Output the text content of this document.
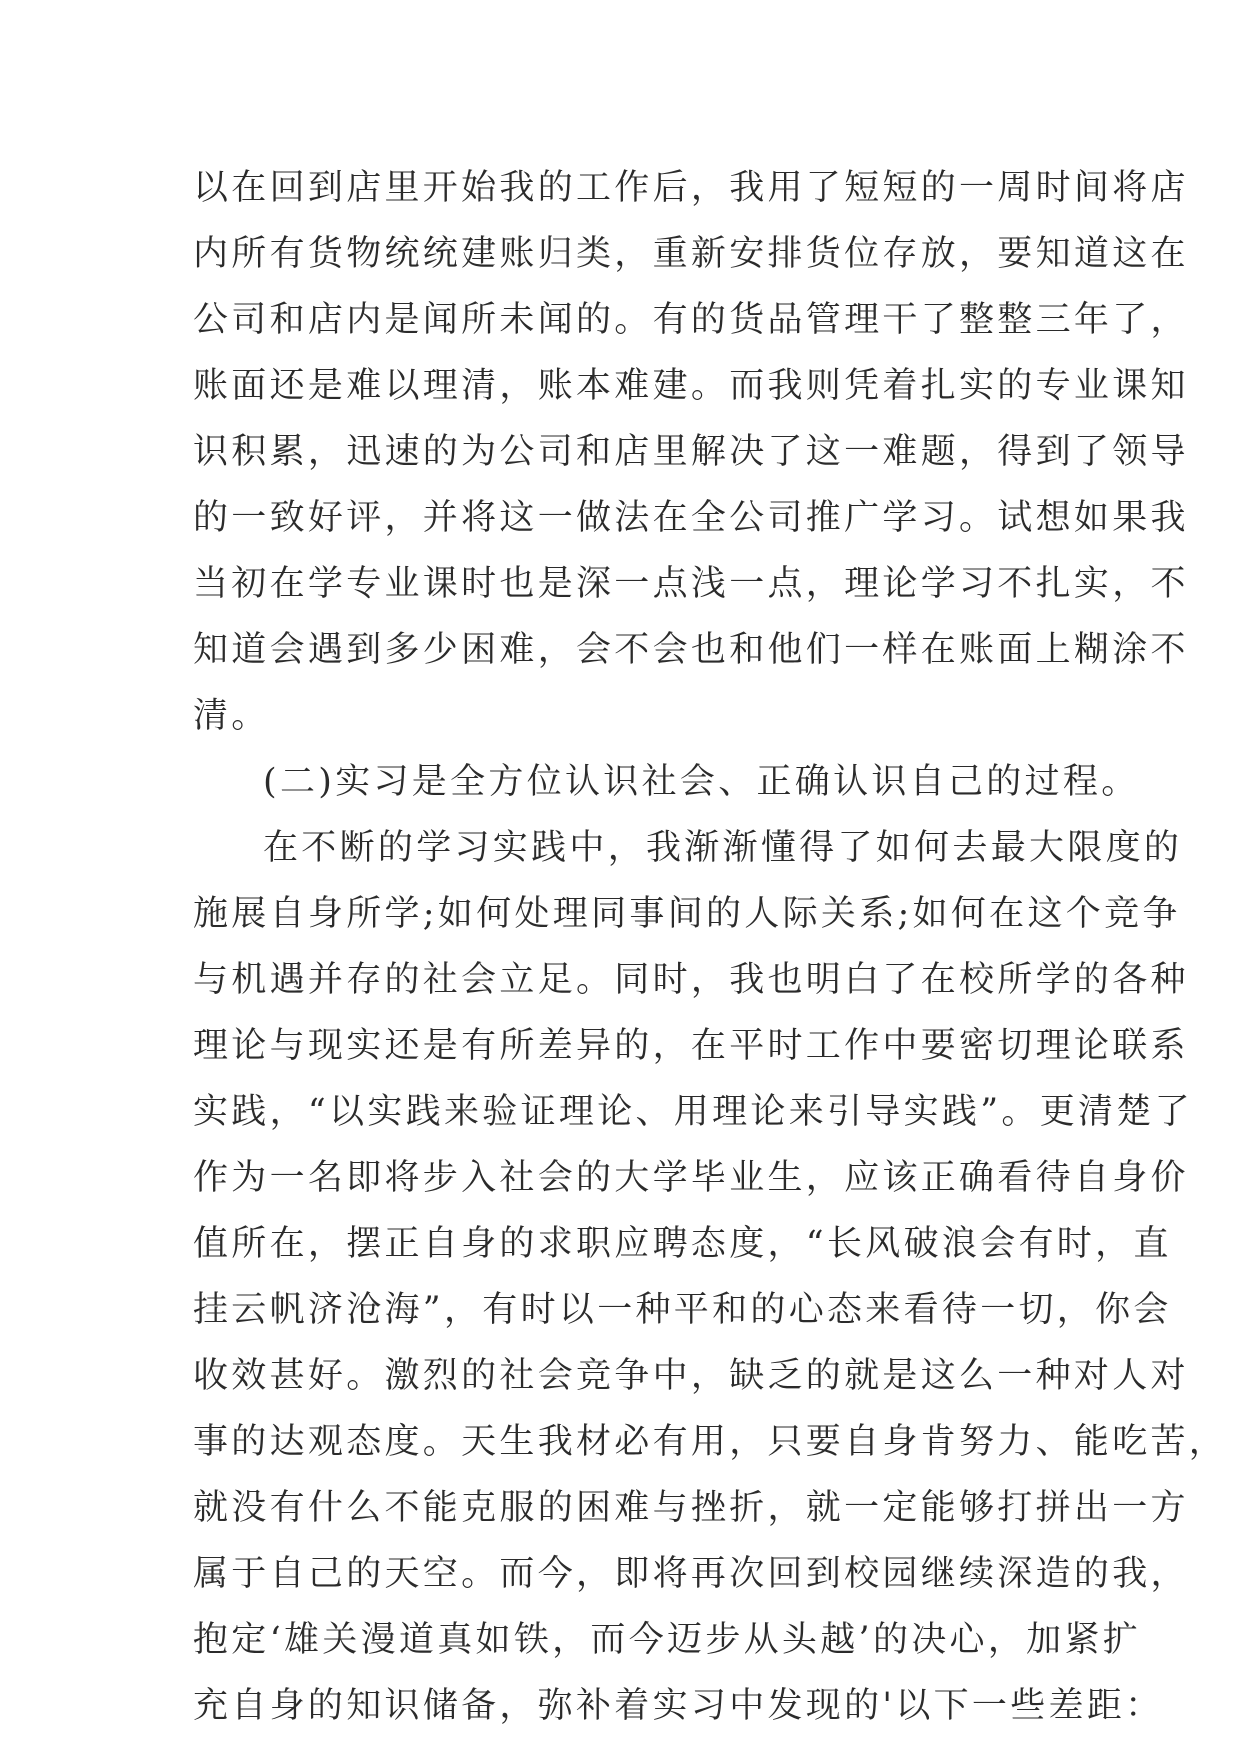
以在回到店里开始我的工作后，我用了短短的一周时间将店
内所有货物统统建账归类，重新安排货位存放，要知道这在
公司和店内是闻所未闻的。有的货品管理干了整整三年了，
账面还是难以理清，账本难建。而我则凭着扎实的专业课知
识积累，迅速的为公司和店里解决了这一难题，得到了领导
的一致好评，并将这一做法在全公司推广学习。试想如果我
当初在学专业课时也是深一点浅一点，理论学习不扎实，不
知道会遇到多少困难，会不会也和他们一样在账面上糊涂不
清。
(二)实习是全方位认识社会、正确认识自己的过程。
在不断的学习实践中，我渐渐懂得了如何去最大限度的
施展自身所学;如何处理同事间的人际关系;如何在这个竞争
与机遇并存的社会立足。同时，我也明白了在校所学的各种
理论与现实还是有所差异的，在平时工作中要密切理论联系
实践，“以实践来验证理论、用理论来引导实践”。更清楚了
作为一名即将步入社会的大学毕业生，应该正确看待自身价
值所在，摆正自身的求职应聘态度，“长风破浪会有时，直
挂云帆济沧海”，有时以一种平和的心态来看待一切，你会
收效甚好。激烈的社会竞争中，缺乏的就是这么一种对人对
事的达观态度。天生我材必有用，只要自身肯努力、能吃苦，
就没有什么不能克服的困难与挫折，就一定能够打拼出一方
属于自己的天空。而今，即将再次回到校园继续深造的我，
抱定‘雄关漫道真如铁，而今迈步从头越’的决心，加紧扩
充自身的知识储备，弥补着实习中发现的'以下一些差距：
